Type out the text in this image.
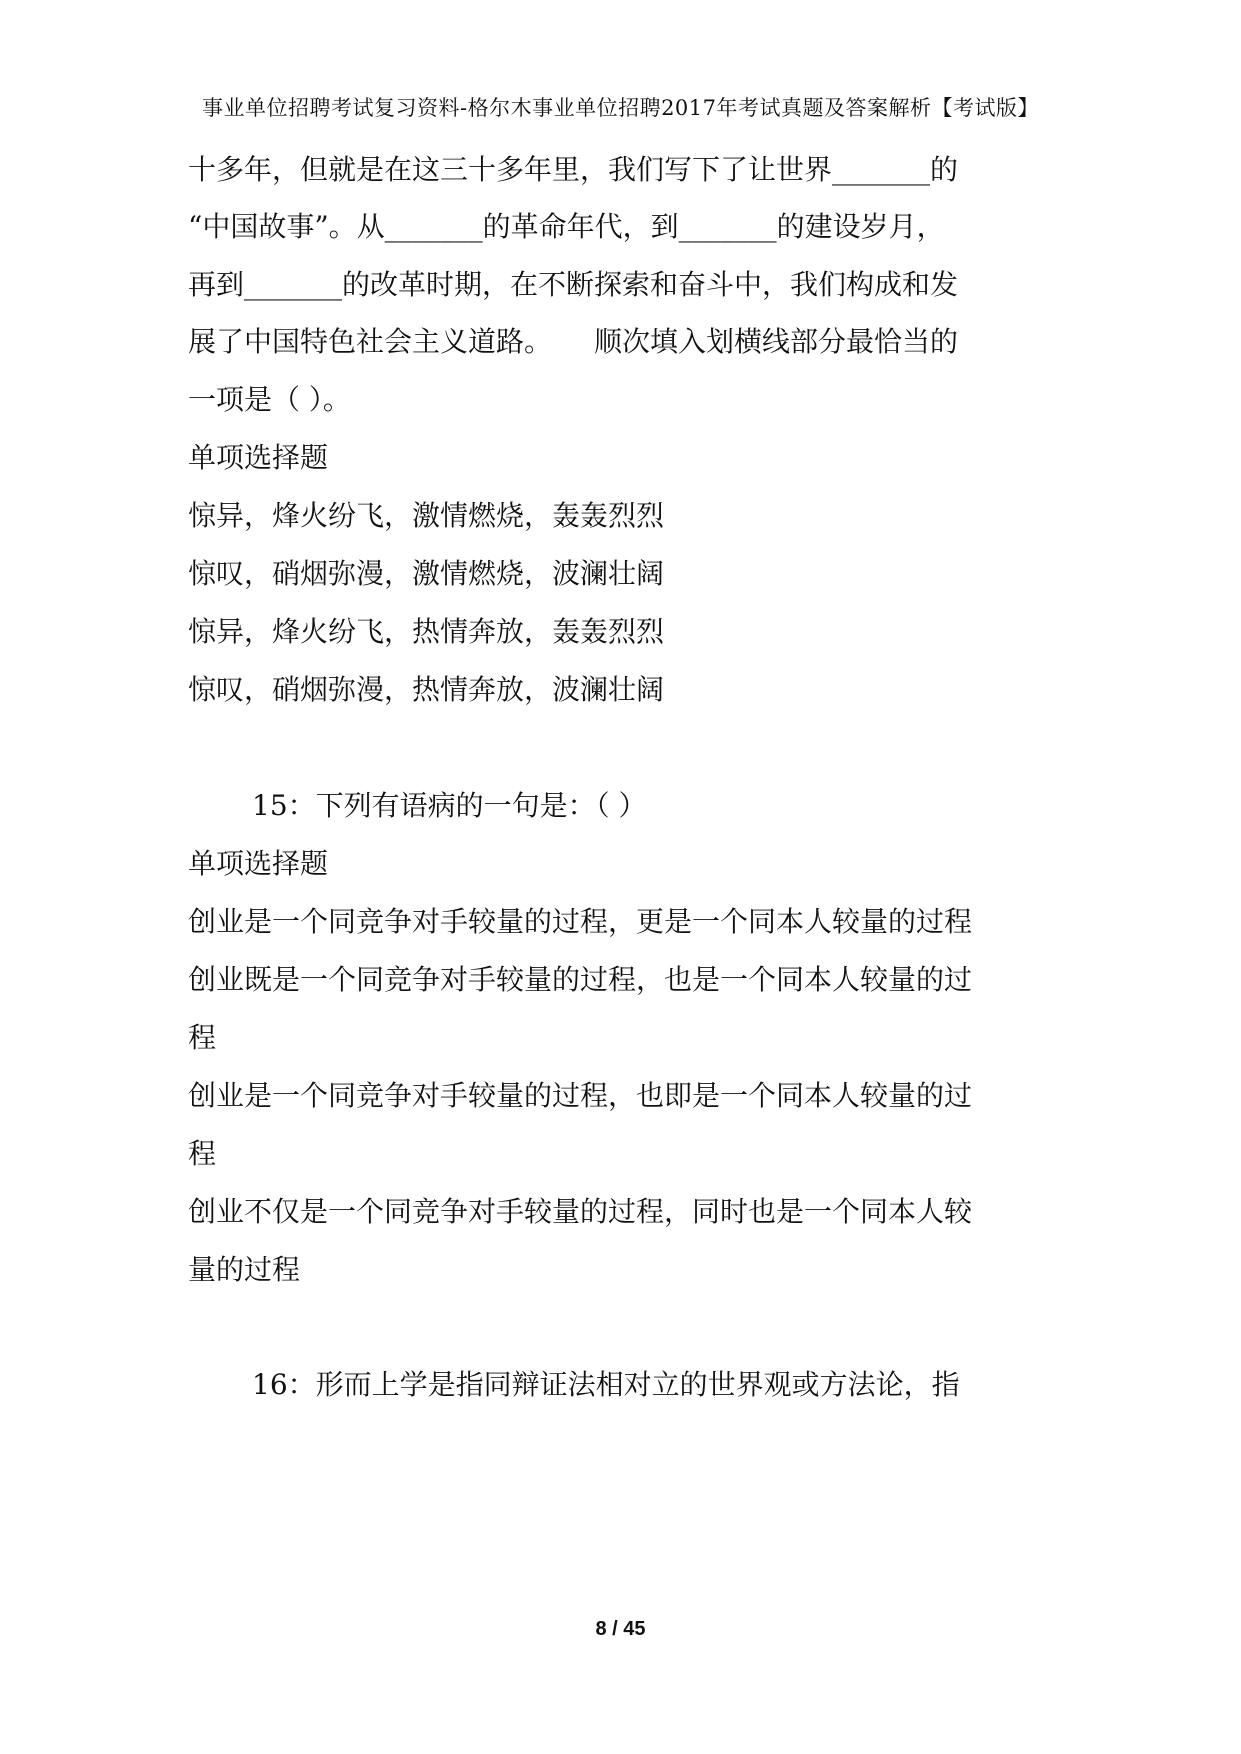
事业单位招聘考试复习资料-格尔木事业单位招聘2017年考试真题及答案解析【考试版】
十多年，但就是在这三十多年里，我们写下了让世界_______的
“中国故事”。从_______的革命年代，到_______的建设岁月，
再到_______的改革时期，在不断探索和奋斗中，我们构成和发
展了中国特色社会主义道路。　　顺次填入划横线部分最恰当的
一项是（ ）。
单项选择题
惊异，烽火纷飞，激情燃烧，轰轰烈烈
惊叹，硝烟弥漫，激情燃烧，波澜壮阔
惊异，烽火纷飞，热情奔放，轰轰烈烈
惊叹，硝烟弥漫，热情奔放，波澜壮阔
15：下列有语病的一句是：（ ）
单项选择题
创业是一个同竞争对手较量的过程，更是一个同本人较量的过程
创业既是一个同竞争对手较量的过程，也是一个同本人较量的过
程
创业是一个同竞争对手较量的过程，也即是一个同本人较量的过
程
创业不仅是一个同竞争对手较量的过程，同时也是一个同本人较
量的过程
16：形而上学是指同辩证法相对立的世界观或方法论，指
8 / 45
